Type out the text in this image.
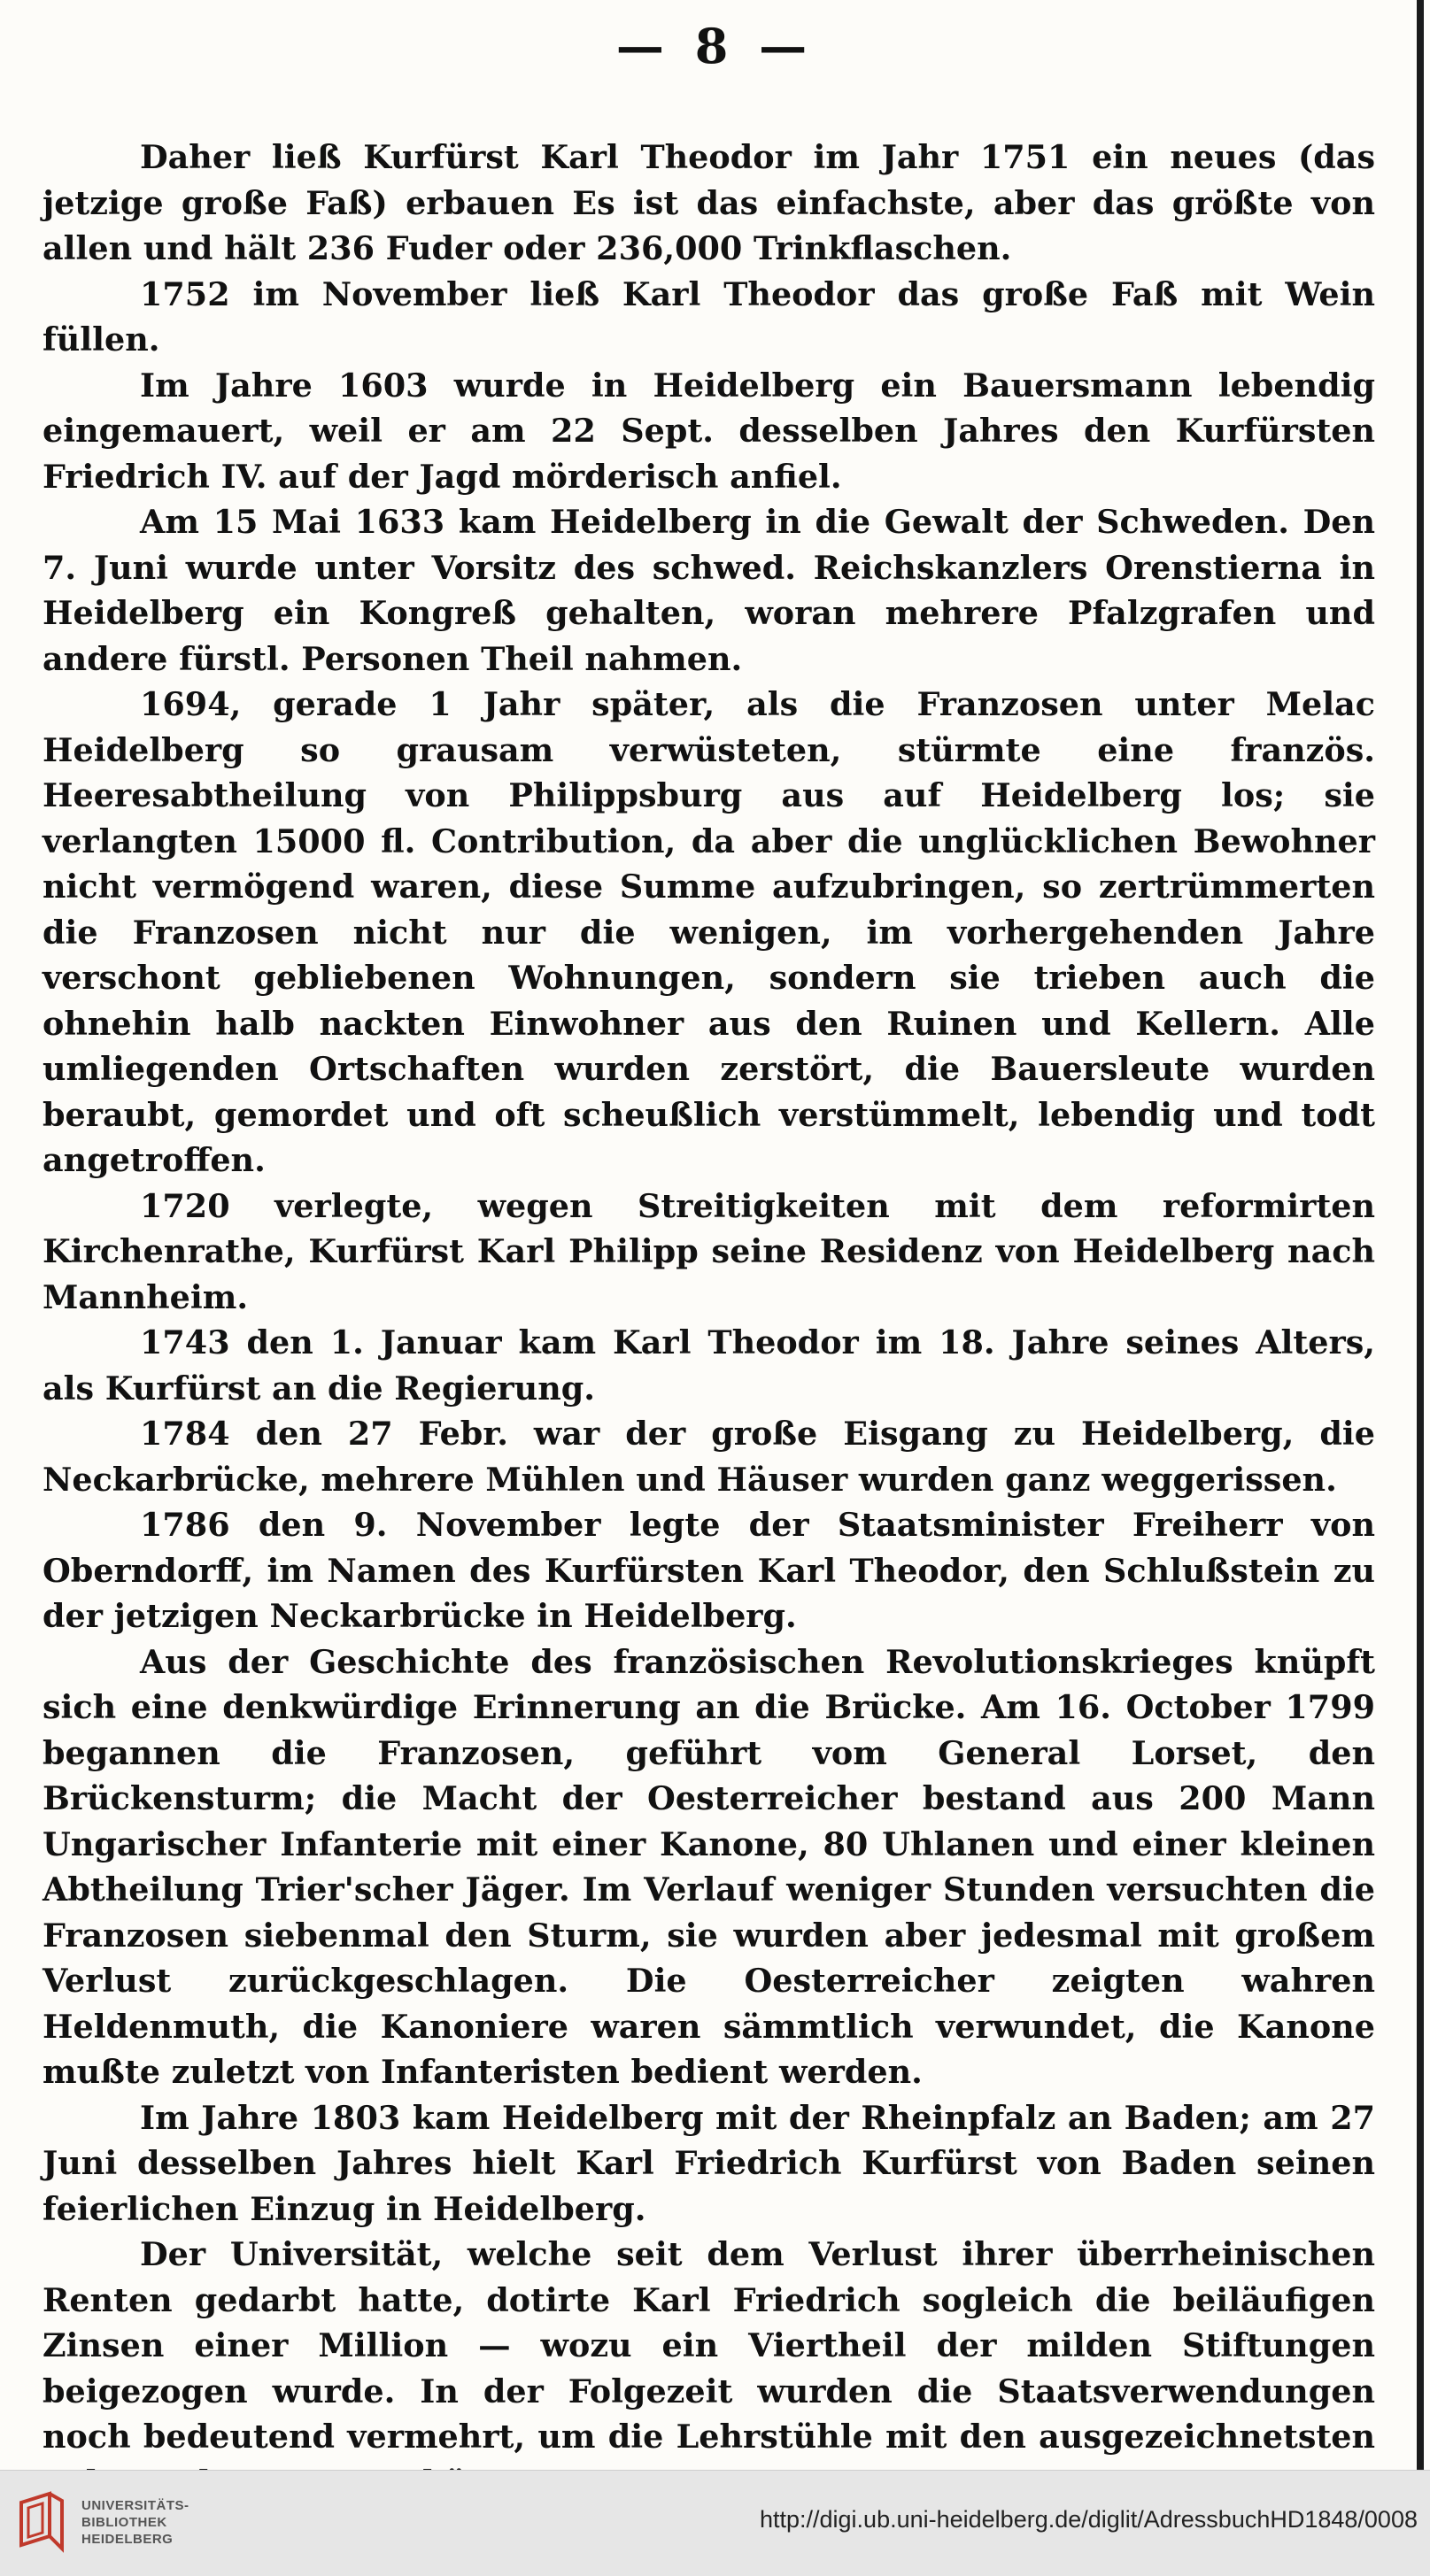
— 8 —

Daher ließ Kurfürst Karl Theodor im Jahr 1751 ein neues (das jetzige große Faß) erbauen Es ist das einfachste, aber das größte von allen und hält 236 Fuder oder 236,000 Trinkflaschen.

1752 im November ließ Karl Theodor das große Faß mit Wein füllen.

Im Jahre 1603 wurde in Heidelberg ein Bauersmann lebendig eingemauert, weil er am 22 Sept. desselben Jahres den Kurfürsten Friedrich IV. auf der Jagd mörderisch anfiel.

Am 15 Mai 1633 kam Heidelberg in die Gewalt der Schweden. Den 7. Juni wurde unter Vorsitz des schwed. Reichskanzlers Orenstierna in Heidelberg ein Kongreß gehalten, woran mehrere Pfalzgrafen und andere fürstl. Personen Theil nahmen.

1694, gerade 1 Jahr später, als die Franzosen unter Melac Heidelberg so grausam verwüsteten, stürmte eine französ. Heeresabtheilung von Philippsburg aus auf Heidelberg los; sie verlangten 15000 fl. Contribution, da aber die unglücklichen Bewohner nicht vermögend waren, diese Summe aufzubringen, so zertrümmerten die Franzosen nicht nur die wenigen, im vorhergehenden Jahre verschont gebliebenen Wohnungen, sondern sie trieben auch die ohnehin halb nackten Einwohner aus den Ruinen und Kellern. Alle umliegenden Ortschaften wurden zerstört, die Bauersleute wurden beraubt, gemordet und oft scheußlich verstümmelt, lebendig und todt angetroffen.

1720 verlegte, wegen Streitigkeiten mit dem reformirten Kirchenrathe, Kurfürst Karl Philipp seine Residenz von Heidelberg nach Mannheim.

1743 den 1. Januar kam Karl Theodor im 18. Jahre seines Alters, als Kurfürst an die Regierung.

1784 den 27 Febr. war der große Eisgang zu Heidelberg, die Neckarbrücke, mehrere Mühlen und Häuser wurden ganz weggerissen.

1786 den 9. November legte der Staatsminister Freiherr von Oberndorff, im Namen des Kurfürsten Karl Theodor, den Schlußstein zu der jetzigen Neckarbrücke in Heidelberg.

Aus der Geschichte des französischen Revolutionskrieges knüpft sich eine denkwürdige Erinnerung an die Brücke. Am 16. October 1799 begannen die Franzosen, geführt vom General Lorset, den Brückensturm; die Macht der Oesterreicher bestand aus 200 Mann Ungarischer Infanterie mit einer Kanone, 80 Uhlanen und einer kleinen Abtheilung Trier'scher Jäger. Im Verlauf weniger Stunden versuchten die Franzosen siebenmal den Sturm, sie wurden aber jedesmal mit großem Verlust zurückgeschlagen. Die Oesterreicher zeigten wahren Heldenmuth, die Kanoniere waren sämmtlich verwundet, die Kanone mußte zuletzt von Infanteristen bedient werden.

Im Jahre 1803 kam Heidelberg mit der Rheinpfalz an Baden; am 27 Juni desselben Jahres hielt Karl Friedrich Kurfürst von Baden seinen feierlichen Einzug in Heidelberg.

Der Universität, welche seit dem Verlust ihrer überrheinischen Renten gedarbt hatte, dotirte Karl Friedrich sogleich die beiläufigen Zinsen einer Million — wozu ein Viertheil der milden Stiftungen beigezogen wurde. In der Folgezeit wurden die Staatsverwendungen noch bedeutend vermehrt, um die Lehrstühle mit den ausgezeichnetsten

UNIVERSITÄTS-
BIBLIOTHEK
HEIDELBERG
http://digi.ub.uni-heidelberg.de/diglit/AdressbuchHD1848/0008
